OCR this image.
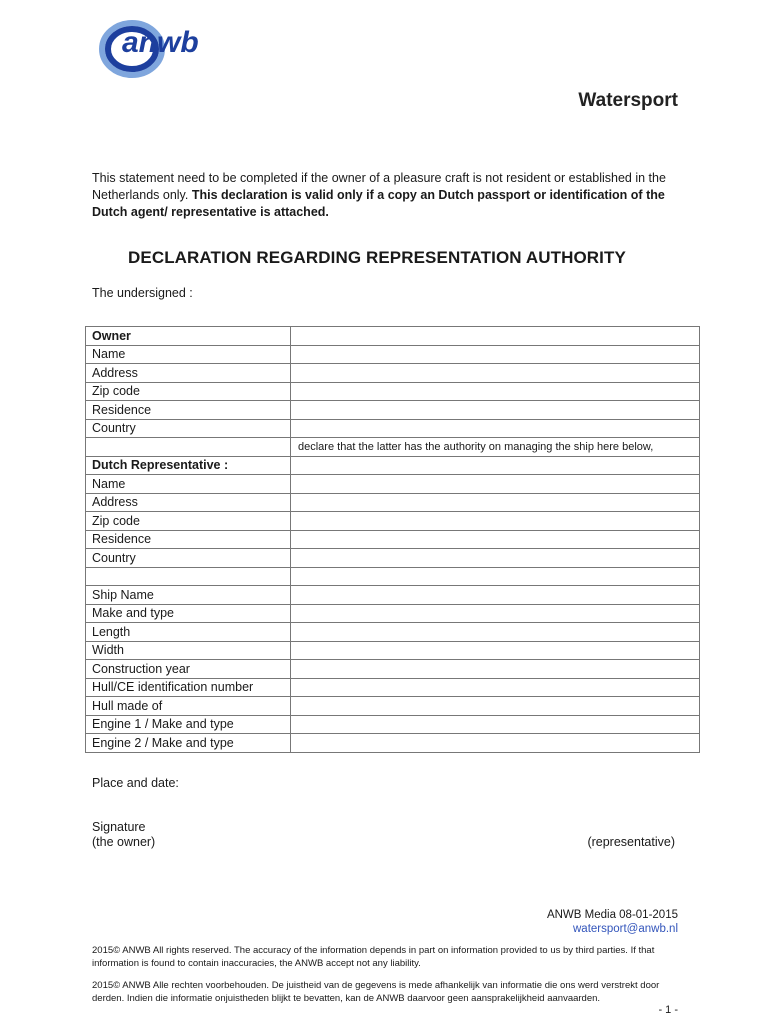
anwb
Watersport
This statement need to be completed if the owner of a pleasure craft is not resident or established in the Netherlands only. This declaration is valid only if a copy an Dutch passport or identification of the Dutch agent/ representative is attached.
DECLARATION REGARDING REPRESENTATION AUTHORITY
The undersigned :
Owner	
Name	
Address	
Zip code	
Residence	
Country	
	declare that the latter has the authority on managing the ship here below,
Dutch Representative :	
Name	
Address	
Zip code	
Residence	
Country	

Ship Name	
Make and type	
Length	
Width	
Construction year	
Hull/CE identification number	
Hull made of	
Engine 1 / Make and type	
Engine 2 / Make and type	
Place and date:
Signature
(the owner)	(representative)
ANWB Media 08-01-2015
watersport@anwb.nl
2015© ANWB All rights reserved. The accuracy of the information depends in part on information provided to us by third parties. If that information is found to contain inaccuracies, the ANWB accept not any liability.
2015© ANWB Alle rechten voorbehouden. De juistheid van de gegevens is mede afhankelijk van informatie die ons werd verstrekt door derden. Indien die informatie onjuistheden blijkt te bevatten, kan de ANWB daarvoor geen aansprakelijkheid aanvaarden.
- 1 -
